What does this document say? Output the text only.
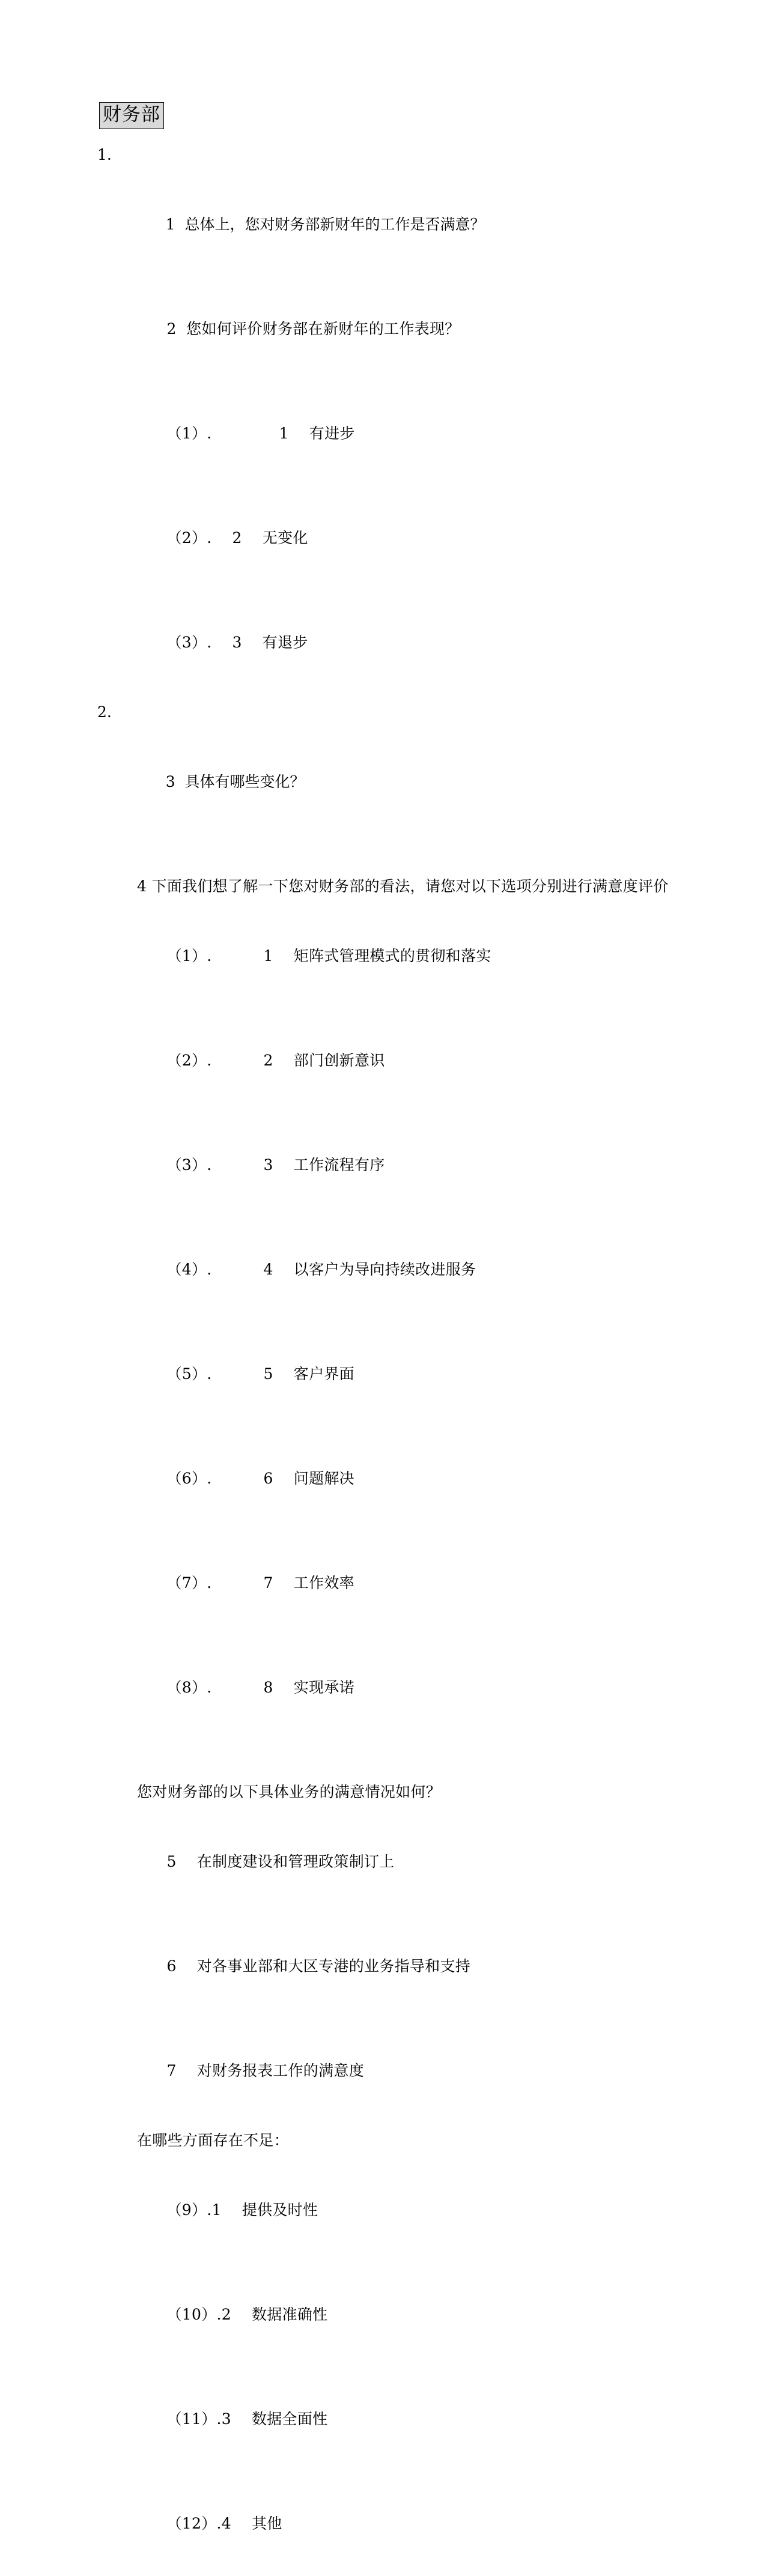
财务部

1.

1  总体上，您对财务部新财年的工作是否满意？

2  您如何评价财务部在新财年的工作表现？

（1）.	1 有进步

（2）. 2 无变化

（3）. 3 有退步

2.

3  具体有哪些变化？

4 下面我们想了解一下您对财务部的看法，请您对以下选项分别进行满意度评价

（1）.	1 矩阵式管理模式的贯彻和落实

（2）.	2 部门创新意识

（3）.	3 工作流程有序

（4）.	4 以客户为导向持续改进服务

（5）.	5 客户界面

（6）.	6 问题解决

（7）.	7 工作效率

（8）.	8 实现承诺

您对财务部的以下具体业务的满意情况如何？

5 在制度建设和管理政策制订上

6 对各事业部和大区专港的业务指导和支持

7 对财务报表工作的满意度

在哪些方面存在不足：

（9）.1 提供及时性

（10）.2 数据准确性

（11）.3 数据全面性

（12）.4 其他
